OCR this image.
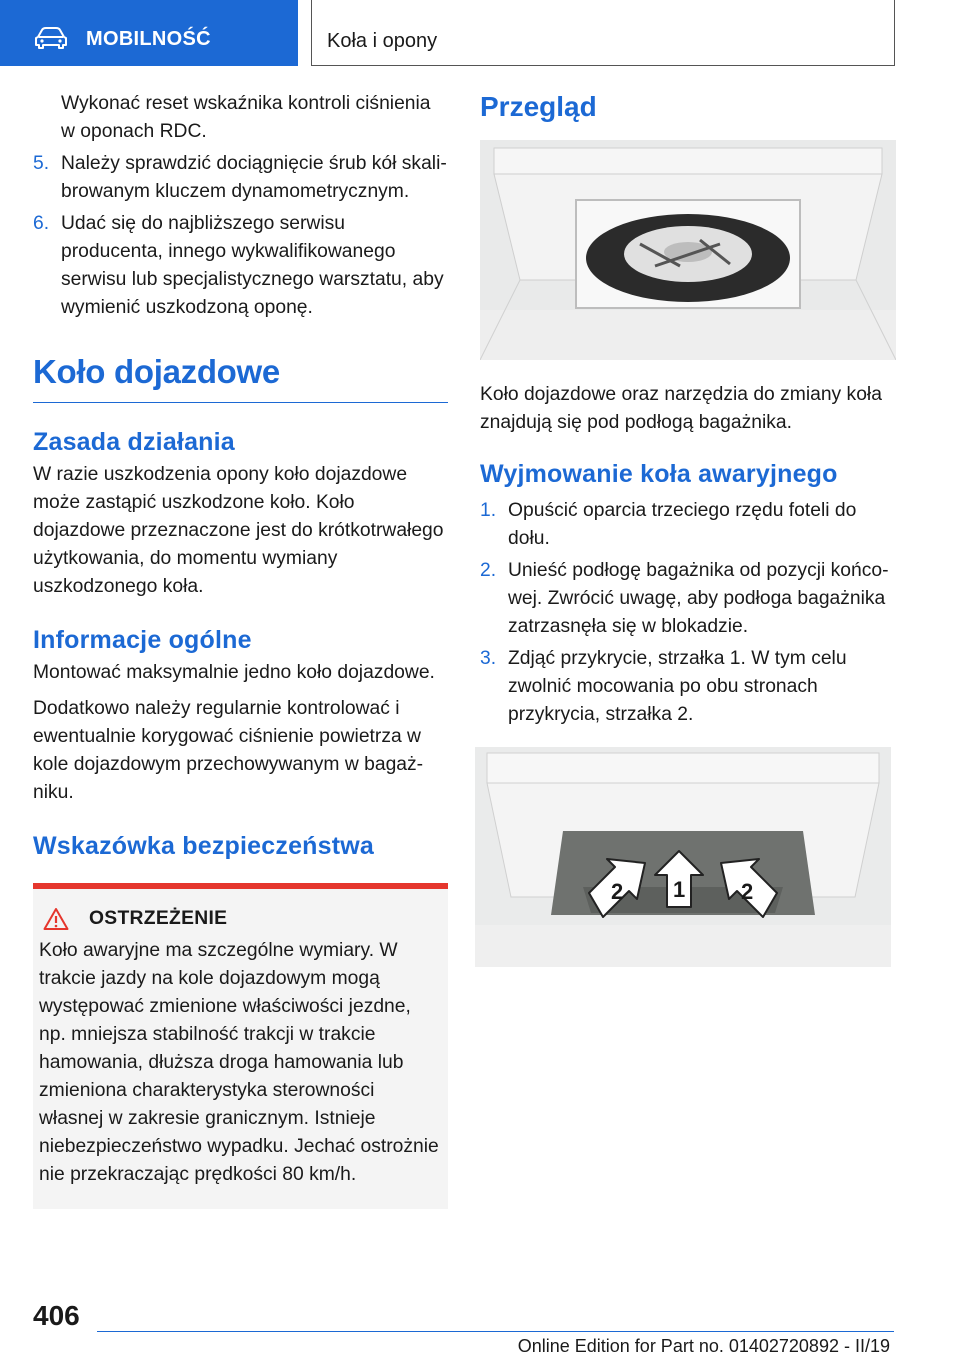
MOBILNOŚĆ	Koła i opony
Wykonać reset wskaźnika kontroli ciśnienia w oponach RDC.
5. Należy sprawdzić dociągnięcie śrub kół skalibrowanym kluczem dynamometrycznym.
6. Udać się do najbliższego serwisu producenta, innego wykwalifikowanego serwisu lub specjalistycznego warsztatu, aby wymienić uszkodzoną oponę.
Koło dojazdowe
Zasada działania
W razie uszkodzenia opony koło dojazdowe może zastąpić uszkodzone koło. Koło dojazdowe przeznaczone jest do krótkotrwałego użytkowania, do momentu wymiany uszkodzonego koła.
Informacje ogólne
Montować maksymalnie jedno koło dojazdowe.
Dodatkowo należy regularnie kontrolować i ewentualnie korygować ciśnienie powietrza w kole dojazdowym przechowywanym w bagażniku.
Wskazówka bezpieczeństwa
OSTRZEŻENIE
Koło awaryjne ma szczególne wymiary. W trakcie jazdy na kole dojazdowym mogą występować zmienione właściwości jezdne, np. mniejsza stabilność trakcji w trakcie hamowania, dłuższa droga hamowania lub zmieniona charakterystyka sterowności własnej w zakresie granicznym. Istnieje niebezpieczeństwo wypadku. Jechać ostrożnie nie przekraczając prędkości 80 km/h.
Przegląd
Koło dojazdowe oraz narzędzia do zmiany koła znajdują się pod podłogą bagażnika.
Wyjmowanie koła awaryjnego
1. Opuścić oparcia trzeciego rzędu foteli do dołu.
2. Unieść podłogę bagażnika od pozycji końcowej. Zwrócić uwagę, aby podłoga bagażnika zatrzasnęła się w blokadzie.
3. Zdjąć przykrycie, strzałka 1. W tym celu zwolnić mocowania po obu stronach przykrycia, strzałka 2.
2 1	2
406
Online Edition for Part no. 01402720892 - II/19
